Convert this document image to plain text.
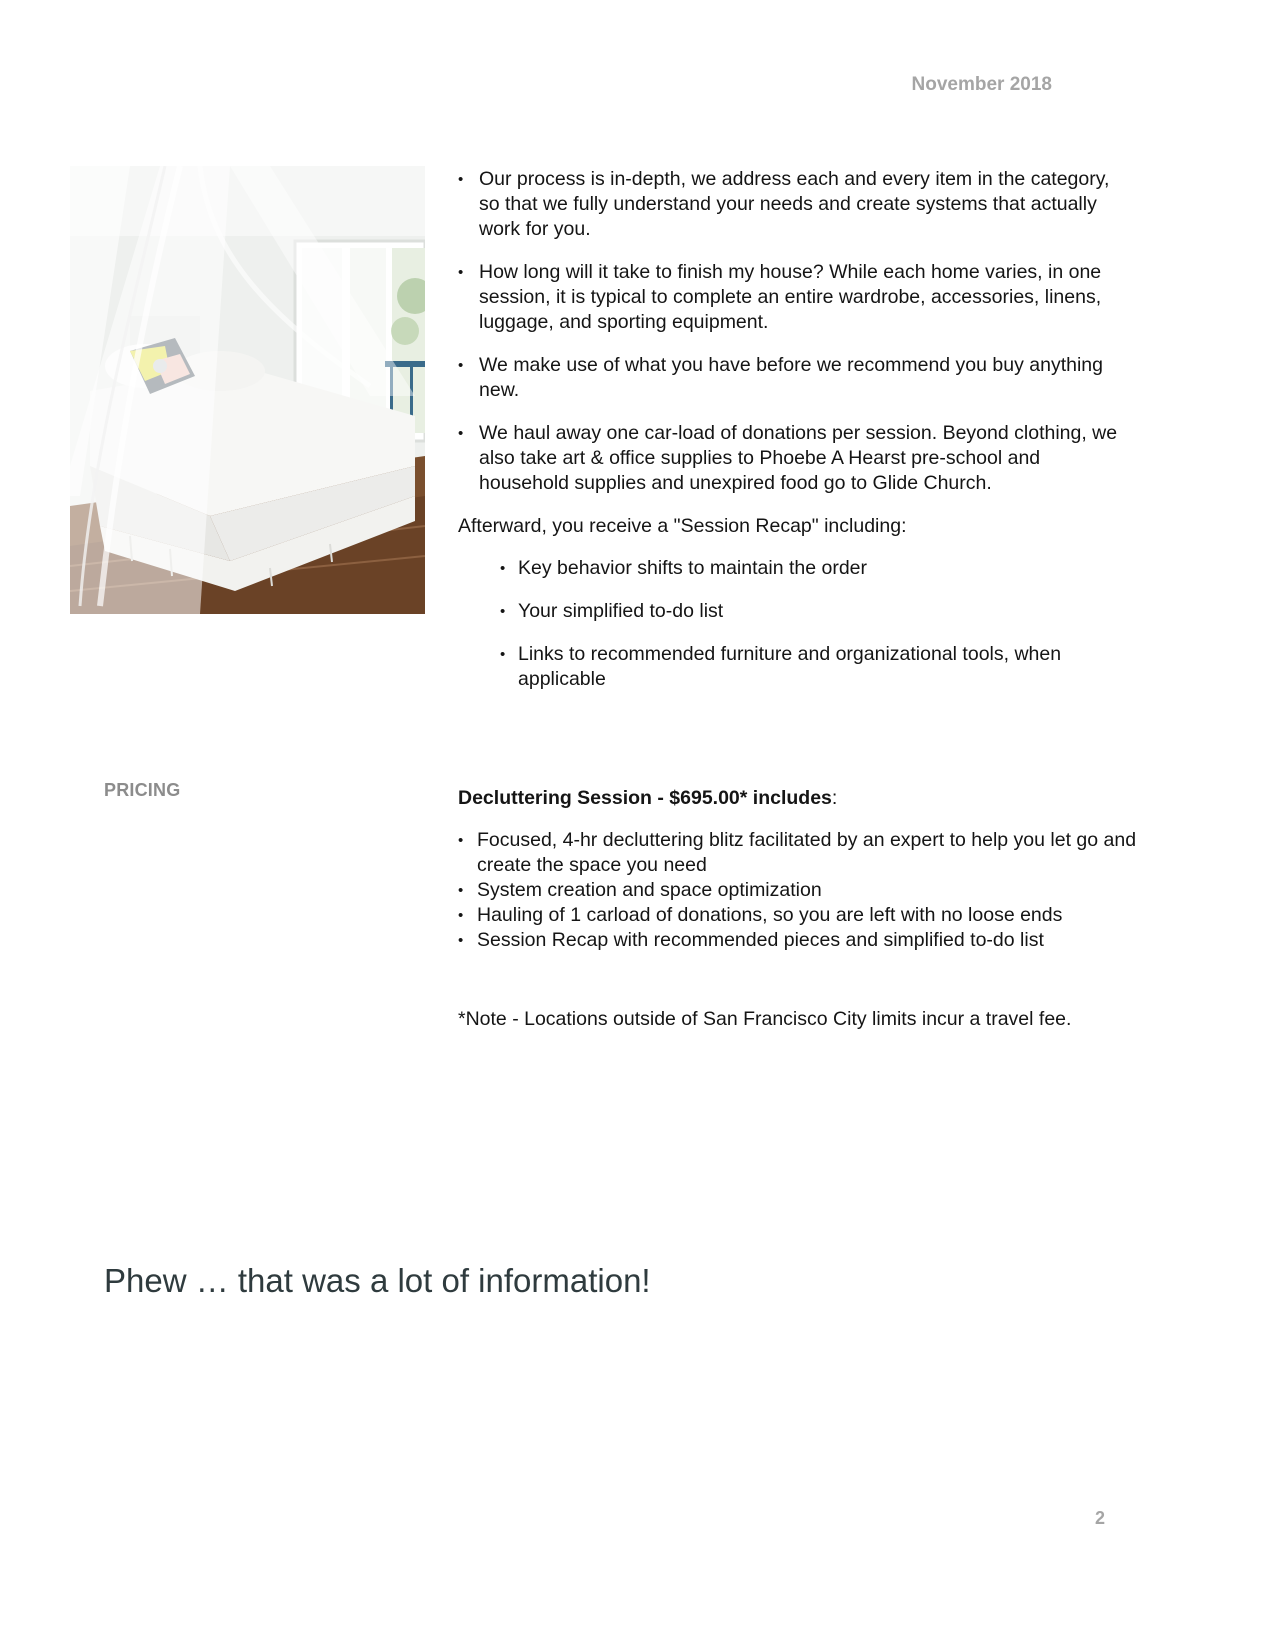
November 2018
• Our process is in-depth, we address each and every item in the category, so that we fully understand your needs and create systems that actually work for you.
• How long will it take to finish my house? While each home varies, in one session, it is typical to complete an entire wardrobe, accessories, linens, luggage, and sporting equipment.
• We make use of what you have before we recommend you buy anything new.
• We haul away one car-load of donations per session. Beyond clothing, we also take art & office supplies to Phoebe A Hearst pre-school and household supplies and unexpired food go to Glide Church.

Afterward, you receive a "Session Recap" including:

• Key behavior shifts to maintain the order
• Your simplified to-do list
• Links to recommended furniture and organizational tools, when applicable
PRICING	Decluttering Session - $695.00* includes:

• Focused, 4-hr decluttering blitz facilitated by an expert to help you let go and create the space you need
• System creation and space optimization
• Hauling of 1 carload of donations, so you are left with no loose ends
• Session Recap with recommended pieces and simplified to-do list
*Note - Locations outside of San Francisco City limits incur a travel fee.
Phew … that was a lot of information!
2
